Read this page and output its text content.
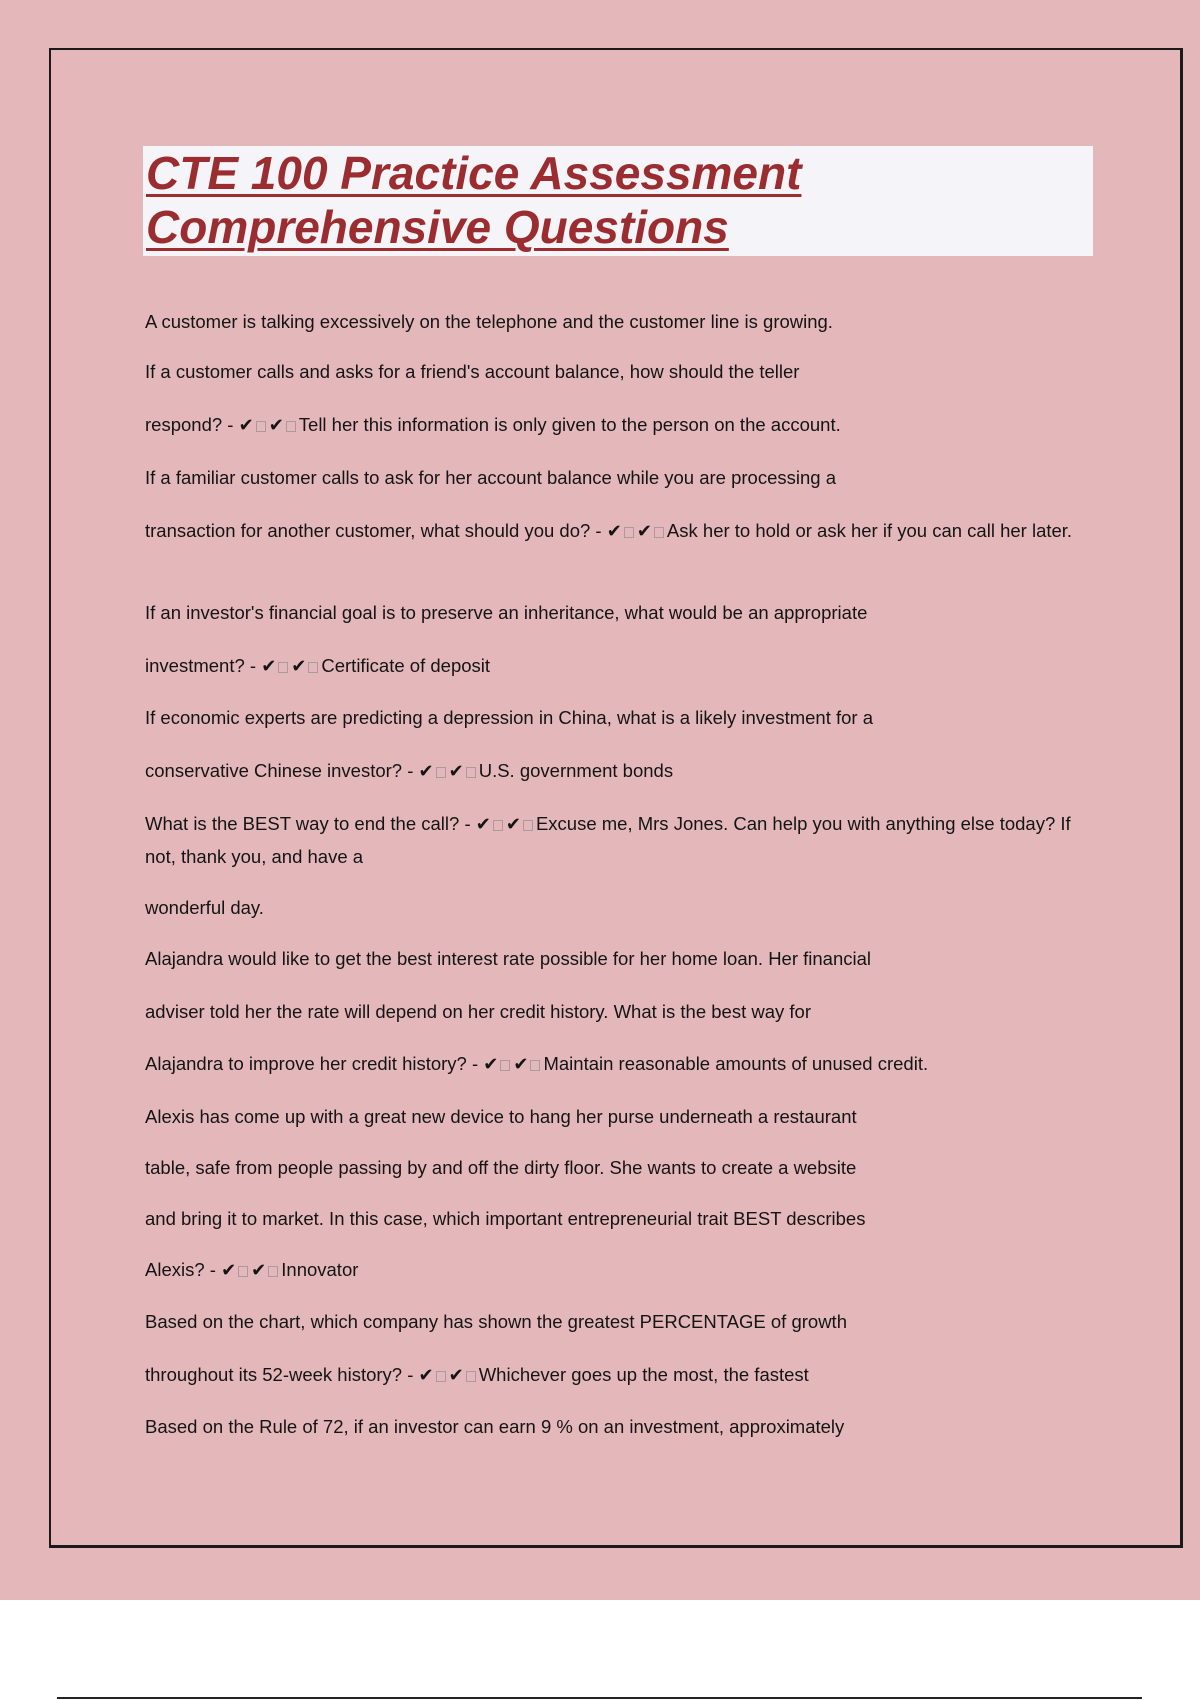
CTE 100 Practice Assessment
Comprehensive Questions

A customer is talking excessively on the telephone and the customer line is growing.

If a customer calls and asks for a friend's account balance, how should the teller

respond? - ✔ ✔ Tell her this information is only given to the person on the account.

If a familiar customer calls to ask for her account balance while you are processing a

transaction for another customer, what should you do? - ✔ ✔ Ask her to hold or ask her if you can call her later.

If an investor's financial goal is to preserve an inheritance, what would be an appropriate

investment? - ✔ ✔ Certificate of deposit

If economic experts are predicting a depression in China, what is a likely investment for a

conservative Chinese investor? - ✔ ✔ U.S. government bonds

What is the BEST way to end the call? - ✔ ✔ Excuse me, Mrs Jones. Can help you with anything else today? If not, thank you, and have a

wonderful day.

Alajandra would like to get the best interest rate possible for her home loan. Her financial

adviser told her the rate will depend on her credit history. What is the best way for

Alajandra to improve her credit history? - ✔ ✔ Maintain reasonable amounts of unused credit.

Alexis has come up with a great new device to hang her purse underneath a restaurant

table, safe from people passing by and off the dirty floor. She wants to create a website

and bring it to market. In this case, which important entrepreneurial trait BEST describes

Alexis? - ✔ ✔ Innovator

Based on the chart, which company has shown the greatest PERCENTAGE of growth

throughout its 52-week history? - ✔ ✔ Whichever goes up the most, the fastest

Based on the Rule of 72, if an investor can earn 9 % on an investment, approximately
